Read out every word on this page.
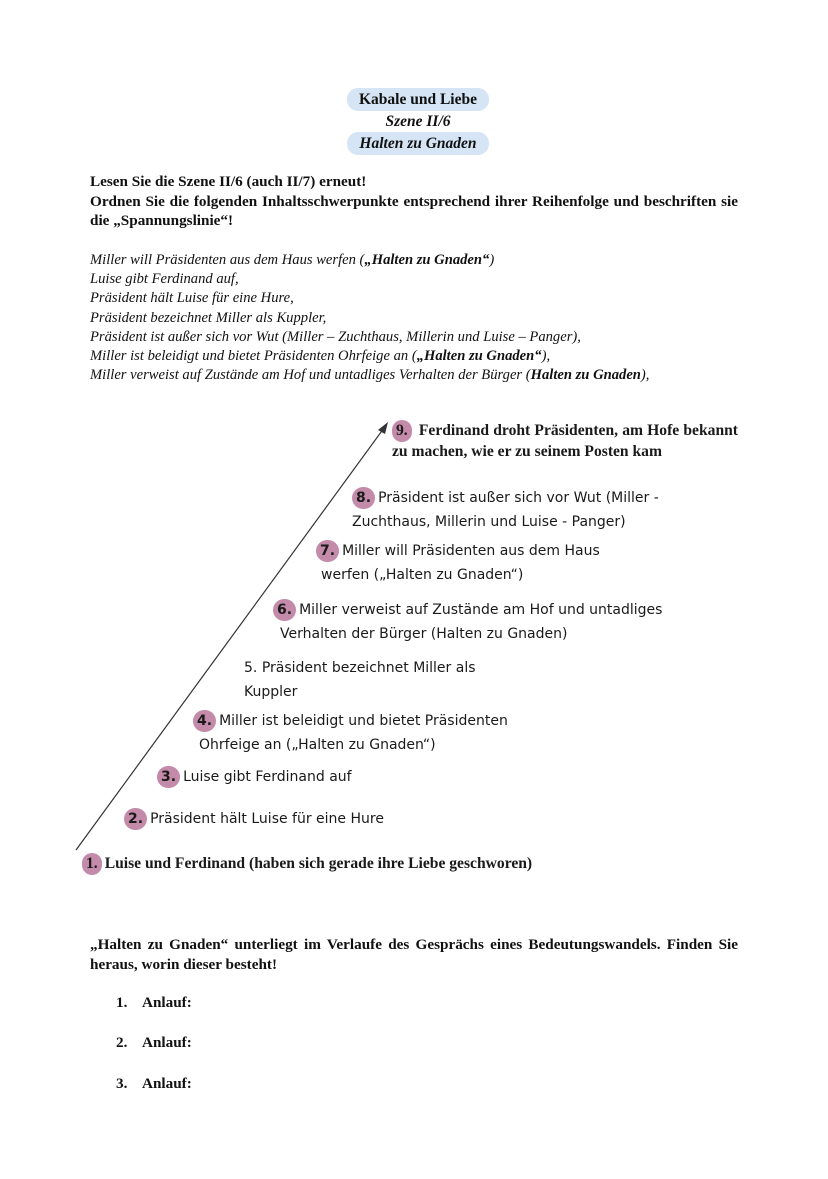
Kabale und Liebe
Szene II/6
Halten zu Gnaden

Lesen Sie die Szene II/6 (auch II/7) erneut!

Ordnen Sie die folgenden Inhaltsschwerpunkte entsprechend ihrer Reihenfolge und beschriften sie die „Spannungslinie“!

Miller will Präsidenten aus dem Haus werfen („Halten zu Gnaden“)
Luise gibt Ferdinand auf,
Präsident hält Luise für eine Hure,
Präsident bezeichnet Miller als Kuppler,
Präsident ist außer sich vor Wut (Miller – Zuchthaus, Millerin und Luise – Panger),
Miller ist beleidigt und bietet Präsidenten Ohrfeige an („Halten zu Gnaden“),
Miller verweist auf Zustände am Hof und untadliges Verhalten der Bürger (Halten zu Gnaden),
9. Ferdinand droht Präsidenten, am Hofe bekannt zu machen, wie er zu seinem Posten kam
8. Präsident ist außer sich vor Wut (Miller -
Zuchthaus, Millerin und Luise - Panger)
7. Miller will Präsidenten aus dem Haus
werfen („Halten zu Gnaden“)
6. Miller verweist auf Zustände am Hof und untadliges
Verhalten der Bürger (Halten zu Gnaden)
5. Präsident bezeichnet Miller als
Kuppler
4. Miller ist beleidigt und bietet Präsidenten
Ohrfeige an („Halten zu Gnaden“)
3. Luise gibt Ferdinand auf
2. Präsident hält Luise für eine Hure
1. Luise und Ferdinand (haben sich gerade ihre Liebe geschworen)
„Halten zu Gnaden“ unterliegt im Verlaufe des Gesprächs eines Bedeutungswandels. Finden Sie heraus, worin dieser besteht!
1. Anlauf:
2. Anlauf:
3. Anlauf:
